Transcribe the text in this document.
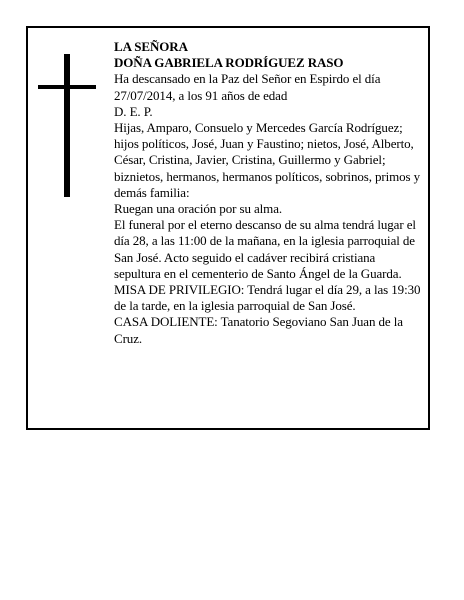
LA SEÑORA

DOÑA GABRIELA RODRÍGUEZ RASO

Ha descansado en la Paz del Señor en Espirdo el día 27/07/2014, a los 91 años de edad

D. E. P.

Hijas, Amparo, Consuelo y Mercedes García Rodríguez; hijos políticos, José, Juan y Faustino; nietos, José, Alberto, César, Cristina, Javier, Cristina, Guillermo y Gabriel; biznietos, hermanos, hermanos políticos, sobrinos, primos y demás familia:

Ruegan una oración por su alma.

El funeral por el eterno descanso de su alma tendrá lugar el día 28, a las 11:00 de la mañana, en la iglesia parroquial de San José. Acto seguido el cadáver recibirá cristiana sepultura en el cementerio de Santo Ángel de la Guarda.

MISA DE PRIVILEGIO: Tendrá lugar el día 29, a las 19:30 de la tarde, en la iglesia parroquial de San José.

CASA DOLIENTE: Tanatorio Segoviano San Juan de la Cruz.
